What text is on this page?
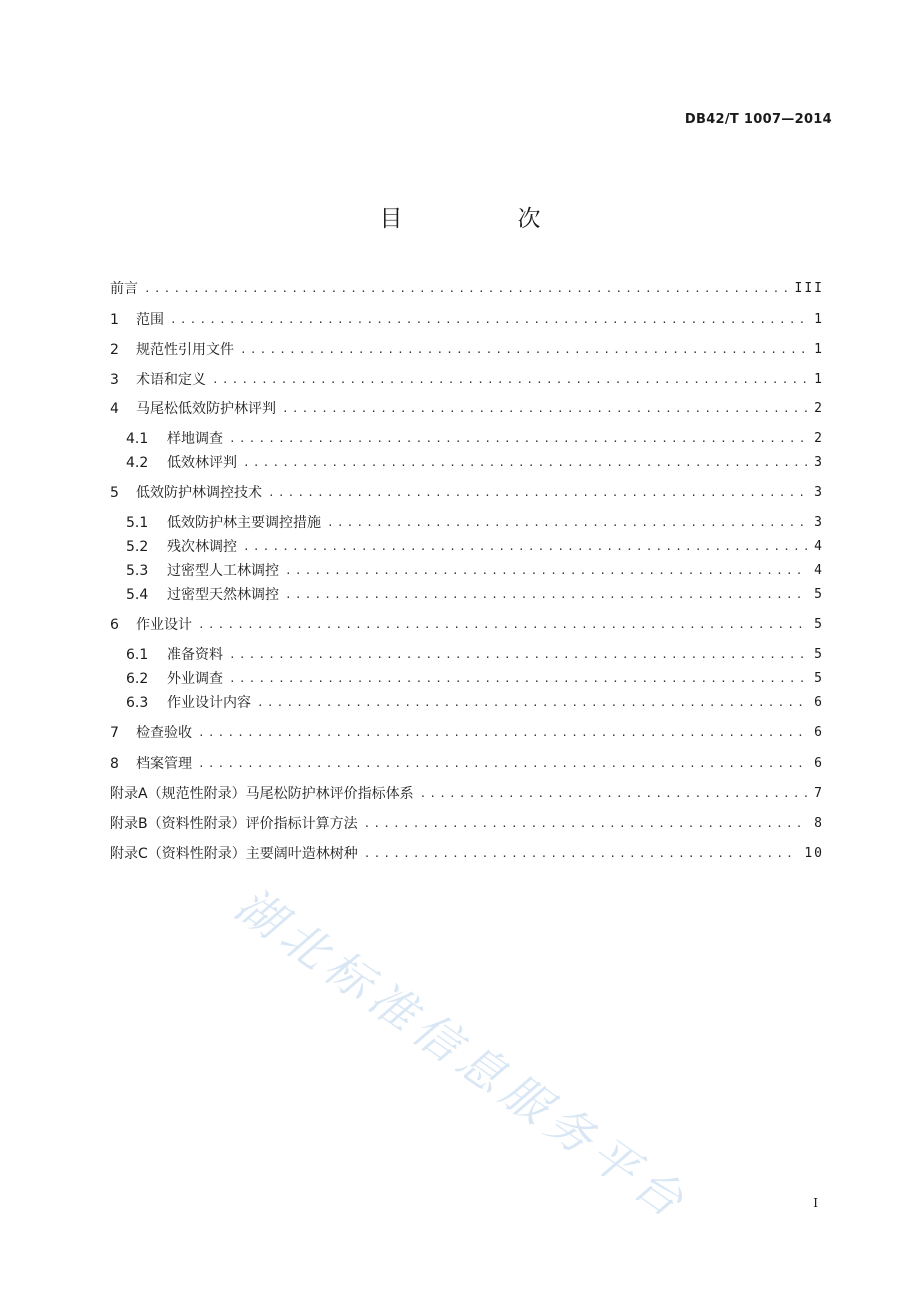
DB42/T 1007—2014
目　次
前言 .....	III
1	范围 .....	1
2	规范性引用文件 .....	1
3	术语和定义 .....	1
4	马尾松低效防护林评判 .....	2
4.1	样地调查 .....	2
4.2	低效林评判 .....	3
5	低效防护林调控技术 .....	3
5.1	低效防护林主要调控措施 .....	3
5.2	残次林调控 .....	4
5.3	过密型人工林调控 .....	4
5.4	过密型天然林调控 .....	5
6	作业设计 .....	5
6.1	准备资料 .....	5
6.2	外业调查 .....	5
6.3	作业设计内容 .....	6
7	检查验收 .....	6
8	档案管理 .....	6
附录A（规范性附录）马尾松防护林评价指标体系 .....	7
附录B（资料性附录）评价指标计算方法 .....	8
附录C（资料性附录）主要阔叶造林树种 .....	10
湖北标准信息服务平台	I
